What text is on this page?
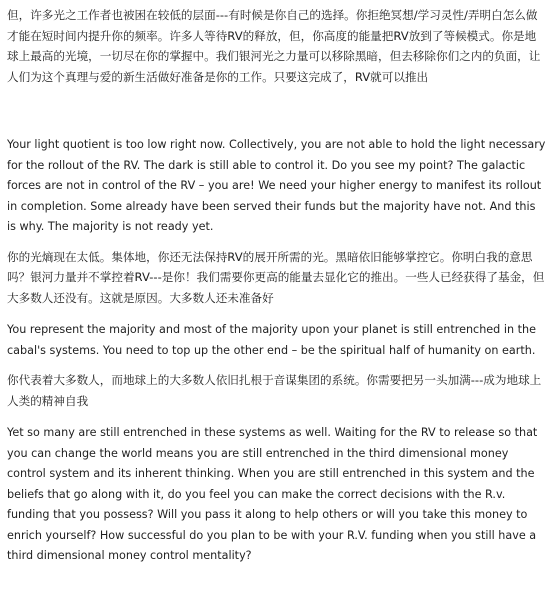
但，许多光之工作者也被困在较低的层面---有时候是你自己的选择。你拒绝冥想/学习灵性/弄明白怎么做才能在短时间内提升你的频率。许多人等待RV的释放，但，你高度的能量把RV放到了等候模式。你是地球上最高的光境，一切尽在你的掌握中。我们银河光之力量可以移除黑暗，但去移除你们之内的负面，让人们为这个真理与爱的新生活做好准备是你的工作。只要这完成了，RV就可以推出

Your light quotient is too low right now. Collectively, you are not able to hold the light necessary for the rollout of the RV. The dark is still able to control it. Do you see my point? The galactic forces are not in control of the RV – you are! We need your higher energy to manifest its rollout in completion. Some already have been served their funds but the majority have not. And this is why. The majority is not ready yet.

你的光熵现在太低。集体地，你还无法保持RV的展开所需的光。黑暗依旧能够掌控它。你明白我的意思吗？银河力量并不掌控着RV---是你！我们需要你更高的能量去显化它的推出。一些人已经获得了基金，但大多数人还没有。这就是原因。大多数人还未准备好

You represent the majority and most of the majority upon your planet is still entrenched in the cabal's systems. You need to top up the other end – be the spiritual half of humanity on earth.

你代表着大多数人，而地球上的大多数人依旧扎根于音谋集团的系统。你需要把另一头加满---成为地球上人类的精神自我

Yet so many are still entrenched in these systems as well. Waiting for the RV to release so that you can change the world means you are still entrenched in the third dimensional money control system and its inherent thinking. When you are still entrenched in this system and the beliefs that go along with it, do you feel you can make the correct decisions with the R.v. funding that you possess? Will you pass it along to help others or will you take this money to enrich yourself? How successful do you plan to be with your R.V. funding when you still have a third dimensional money control mentality?
